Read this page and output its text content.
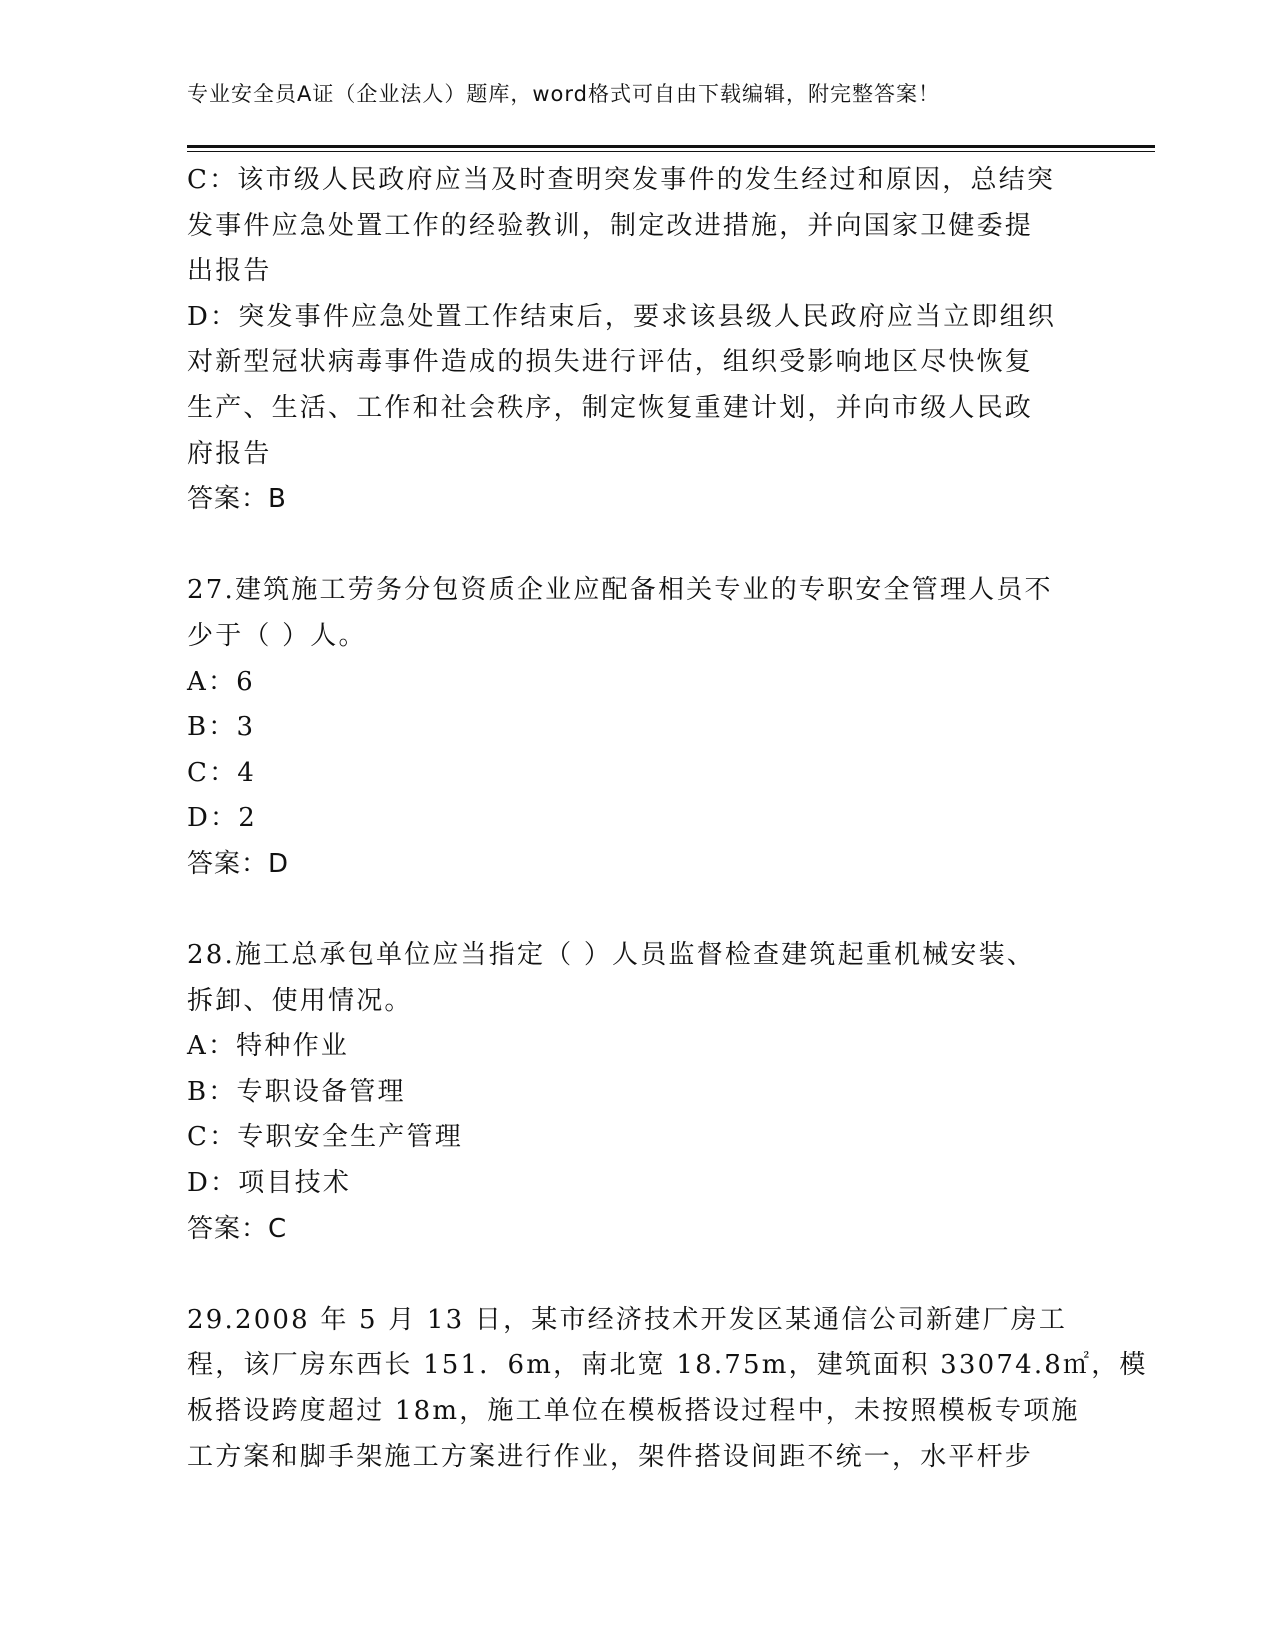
专业安全员A证（企业法人）题库，word格式可自由下载编辑，附完整答案！
C：该市级人民政府应当及时查明突发事件的发生经过和原因，总结突
发事件应急处置工作的经验教训，制定改进措施，并向国家卫健委提
出报告
D：突发事件应急处置工作结束后，要求该县级人民政府应当立即组织
对新型冠状病毒事件造成的损失进行评估，组织受影响地区尽快恢复
生产、生活、工作和社会秩序，制定恢复重建计划，并向市级人民政
府报告
答案：B
27.建筑施工劳务分包资质企业应配备相关专业的专职安全管理人员不
少于（ ）人。
A：6
B：3
C：4
D：2
答案：D
28.施工总承包单位应当指定（ ）人员监督检查建筑起重机械安装、
拆卸、使用情况。
A：特种作业
B：专职设备管理
C：专职安全生产管理
D：项目技术
答案：C
29.2008 年 5 月 13 日，某市经济技术开发区某通信公司新建厂房工
程，该厂房东西长 151．6m，南北宽 18.75m，建筑面积 33074.8㎡，模
板搭设跨度超过 18m，施工单位在模板搭设过程中，未按照模板专项施
工方案和脚手架施工方案进行作业，架件搭设间距不统一，水平杆步
